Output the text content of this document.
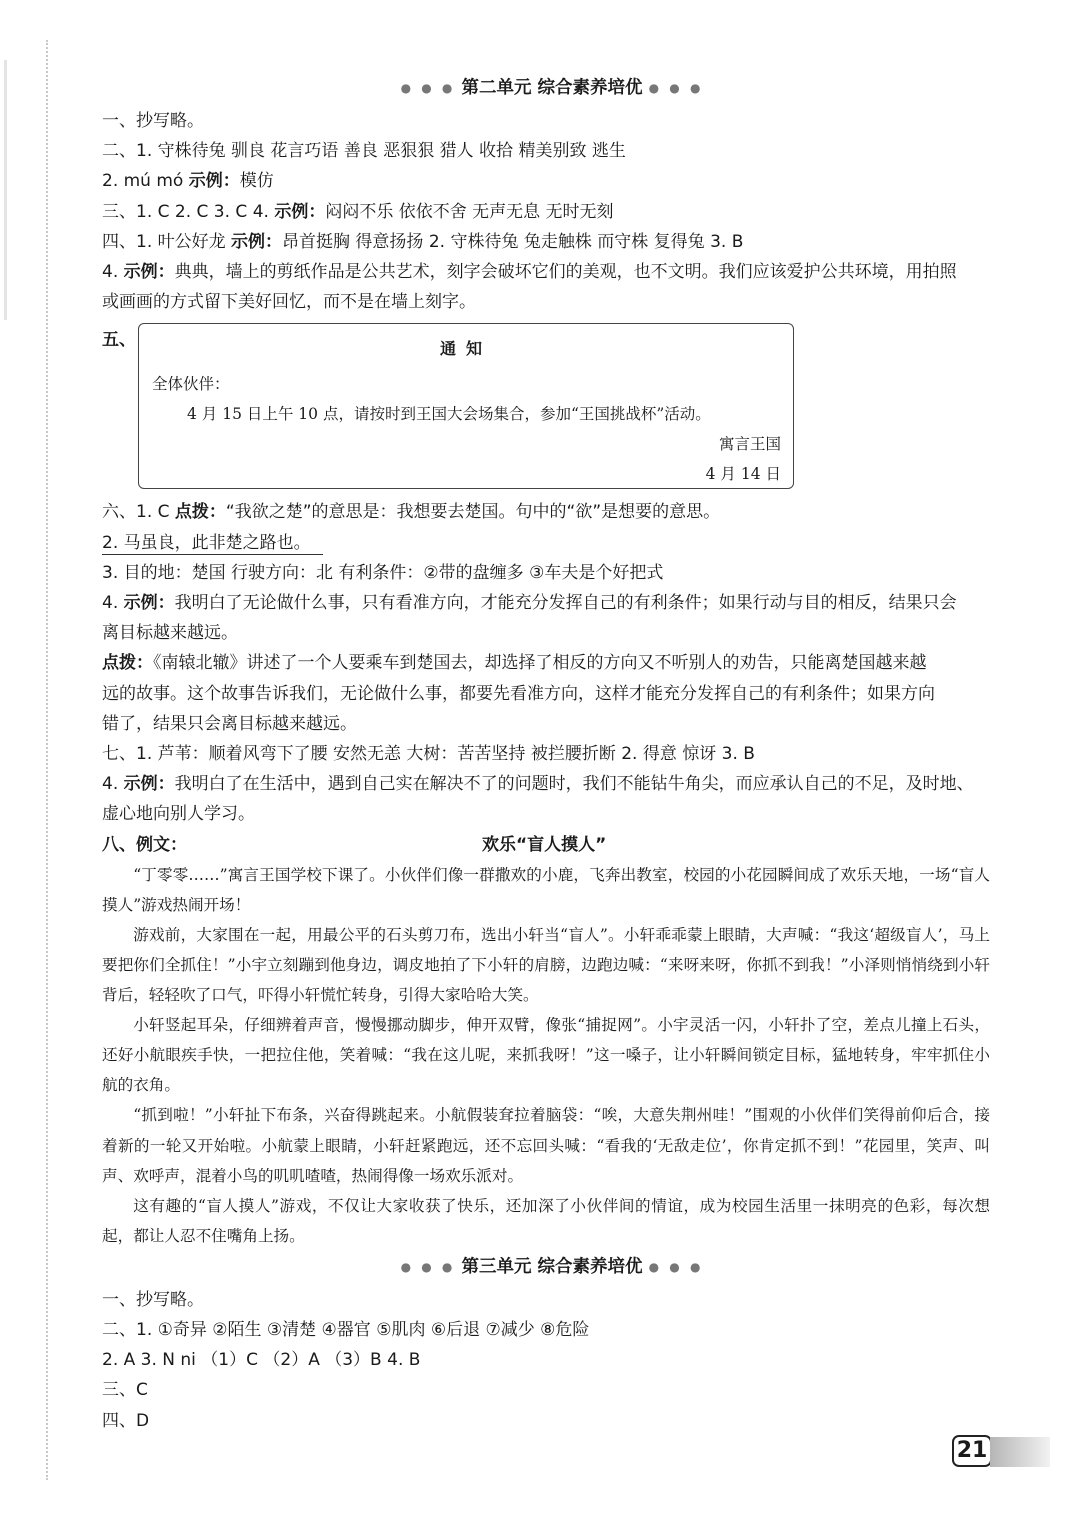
● ● ● 第二单元 综合素养培优 ● ● ●
一、抄写略。
二、1. 守株待兔 驯良 花言巧语 善良 恶狠狠 猎人 收拾 精美别致 逃生
2. mú mó 示例：模仿
三、1. C 2. C 3. C 4. 示例：闷闷不乐 依依不舍 无声无息 无时无刻
四、1. 叶公好龙 示例：昂首挺胸 得意扬扬 2. 守株待兔 兔走触株 而守株 复得兔 3. B
4. 示例：典典，墙上的剪纸作品是公共艺术，刻字会破坏它们的美观，也不文明。我们应该爱护公共环境，用拍照
或画画的方式留下美好回忆，而不是在墙上刻字。
五、	通知
全体伙伴：
4 月 15 日上午 10 点，请按时到王国大会场集合，参加“王国挑战杯”活动。
寓言王国
4 月 14 日
六、1. C 点拨：“我欲之楚”的意思是：我想要去楚国。句中的“欲”是想要的意思。
2. 马虽良，此非楚之路也。
3. 目的地：楚国 行驶方向：北 有利条件：②带的盘缠多 ③车夫是个好把式
4. 示例：我明白了无论做什么事，只有看准方向，才能充分发挥自己的有利条件；如果行动与目的相反，结果只会
离目标越来越远。
点拨：《南辕北辙》讲述了一个人要乘车到楚国去，却选择了相反的方向又不听别人的劝告，只能离楚国越来越
远的故事。这个故事告诉我们，无论做什么事，都要先看准方向，这样才能充分发挥自己的有利条件；如果方向
错了，结果只会离目标越来越远。
七、1. 芦苇：顺着风弯下了腰 安然无恙 大树：苦苦坚持 被拦腰折断 2. 得意 惊讶 3. B
4. 示例：我明白了在生活中，遇到自己实在解决不了的问题时，我们不能钻牛角尖，而应承认自己的不足，及时地、
虚心地向别人学习。
八、例文：	欢乐“盲人摸人”

“丁零零……”寓言王国学校下课了。小伙伴们像一群撒欢的小鹿，飞奔出教室，校园的小花园瞬间成了欢乐天地，一场“盲人摸人”游戏热闹开场！

游戏前，大家围在一起，用最公平的石头剪刀布，选出小轩当“盲人”。小轩乖乖蒙上眼睛，大声喊：“我这‘超级盲人’，马上要把你们全抓住！”小宇立刻蹦到他身边，调皮地拍了下小轩的肩膀，边跑边喊：“来呀来呀，你抓不到我！”小泽则悄悄绕到小轩背后，轻轻吹了口气，吓得小轩慌忙转身，引得大家哈哈大笑。

小轩竖起耳朵，仔细辨着声音，慢慢挪动脚步，伸开双臂，像张“捕捉网”。小宇灵活一闪，小轩扑了空，差点儿撞上石头，还好小航眼疾手快，一把拉住他，笑着喊：“我在这儿呢，来抓我呀！”这一嗓子，让小轩瞬间锁定目标，猛地转身，牢牢抓住小航的衣角。

“抓到啦！”小轩扯下布条，兴奋得跳起来。小航假装耷拉着脑袋：“唉，大意失荆州哇！”围观的小伙伴们笑得前仰后合，接着新的一轮又开始啦。小航蒙上眼睛，小轩赶紧跑远，还不忘回头喊：“看我的‘无敌走位’，你肯定抓不到！”花园里，笑声、叫声、欢呼声，混着小鸟的叽叽喳喳，热闹得像一场欢乐派对。

这有趣的“盲人摸人”游戏，不仅让大家收获了快乐，还加深了小伙伴间的情谊，成为校园生活里一抹明亮的色彩，每次想起，都让人忍不住嘴角上扬。

● ● ● 第三单元 综合素养培优 ● ● ●
一、抄写略。
二、1. ①奇异 ②陌生 ③清楚 ④器官 ⑤肌肉 ⑥后退 ⑦减少 ⑧危险
2. A 3. N ni （1）C （2）A （3）B 4. B
三、C
四、D
21
